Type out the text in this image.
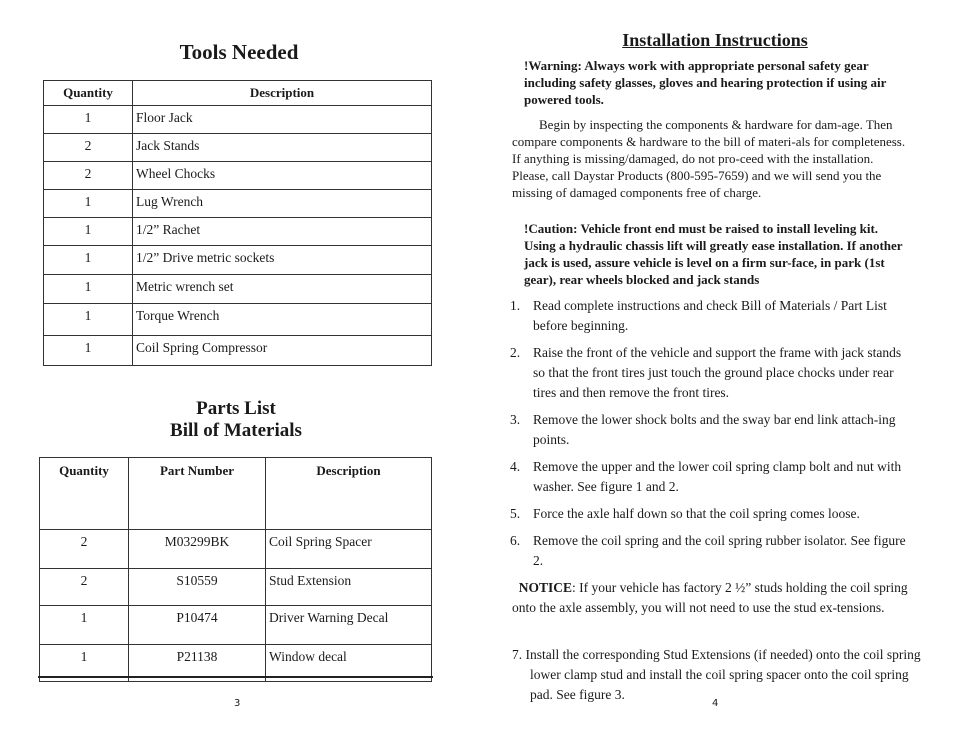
Tools Needed
Quantity	Description
1	Floor Jack
2	Jack Stands
2	Wheel Chocks
1	Lug Wrench
1	1/2” Rachet
1	1/2” Drive metric sockets
1	Metric wrench set
1	Torque Wrench
1	Coil Spring Compressor
Parts List
Bill of Materials
Quantity	Part Number	Description
2	M03299BK	Coil Spring Spacer
2	S10559	Stud Extension
1	P10474	Driver Warning Decal
1	P21138	Window decal
3
Installation Instructions
!Warning: Always work with appropriate personal safety gear including safety glasses, gloves and hearing protection if using air powered tools.
Begin by inspecting the components & hardware for dam-age. Then compare components & hardware to the bill of materi-als for completeness. If anything is missing/damaged, do not pro-ceed with the installation. Please, call Daystar Products (800-595-7659) and we will send you the missing of damaged components free of charge.
!Caution: Vehicle front end must be raised to install leveling kit. Using a hydraulic chassis lift will greatly ease installation. If another jack is used, assure vehicle is level on a firm sur-face, in park (1st gear), rear wheels blocked and jack stands
1. Read complete instructions and check Bill of Materials / Part List before beginning.
2. Raise the front of the vehicle and support the frame with jack stands so that the front tires just touch the ground place chocks under rear tires and then remove the front tires.
3. Remove the lower shock bolts and the sway bar end link attach-ing points.
4. Remove the upper and the lower coil spring clamp bolt and nut with washer. See figure 1 and 2.
5. Force the axle half down so that the coil spring comes loose.
6. Remove the coil spring and the coil spring rubber isolator. See figure 2.
NOTICE: If your vehicle has factory 2 ½” studs holding the coil spring onto the axle assembly, you will not need to use the stud ex-tensions.
7. Install the corresponding Stud Extensions (if needed) onto the coil spring lower clamp stud and install the coil spring spacer onto the coil spring pad. See figure 3.
4
